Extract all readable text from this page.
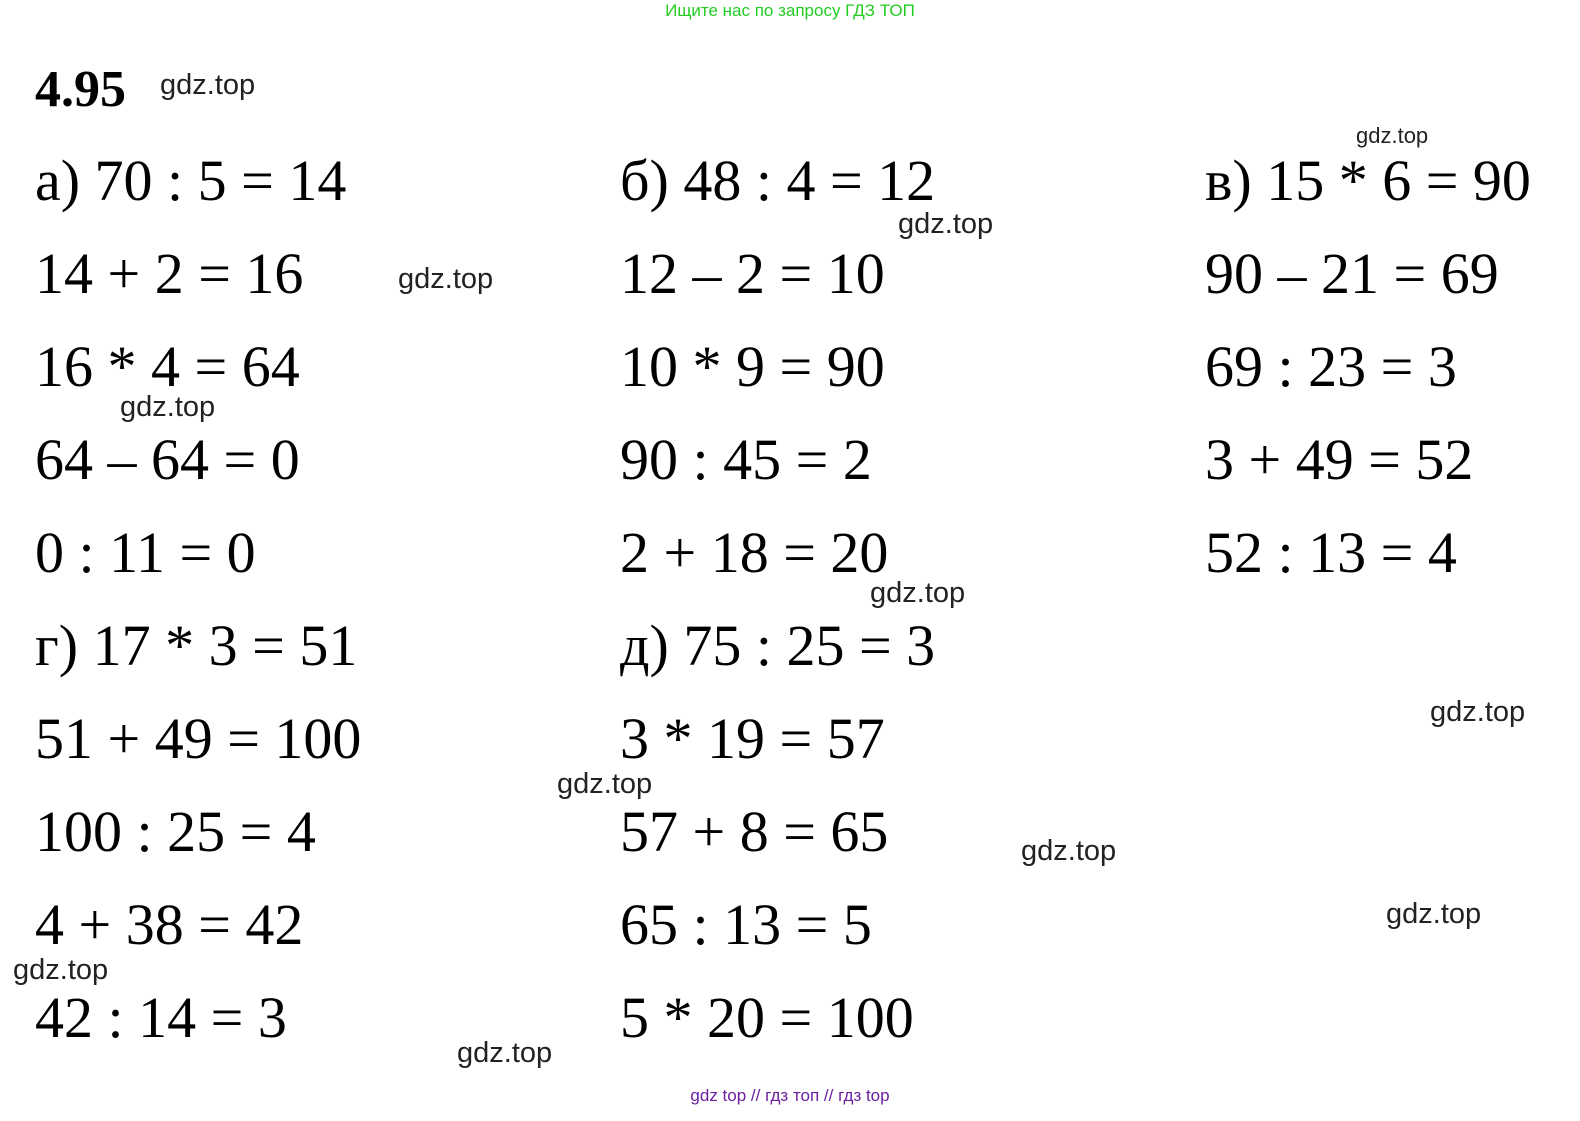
Ищите нас по запросу ГДЗ ТОП
4.95
а) 70 : 5 = 14
14 + 2 = 16
16 * 4 = 64
64 – 64 = 0
0 : 11 = 0
б) 48 : 4 = 12
12 – 2 = 10
10 * 9 = 90
90 : 45 = 2
2 + 18 = 20
в) 15 * 6 = 90
90 – 21 = 69
69 : 23 = 3
3 + 49 = 52
52 : 13 = 4
г) 17 * 3 = 51
51 + 49 = 100
100 : 25 = 4
4 + 38 = 42
42 : 14 = 3
д) 75 : 25 = 3
3 * 19 = 57
57 + 8 = 65
65 : 13 = 5
5 * 20 = 100
gdz.top
gdz.top
gdz.top
gdz.top
gdz.top
gdz.top
gdz.top
gdz.top
gdz.top
gdz.top
gdz.top
gdz.top
gdz top // гдз топ // гдз top
